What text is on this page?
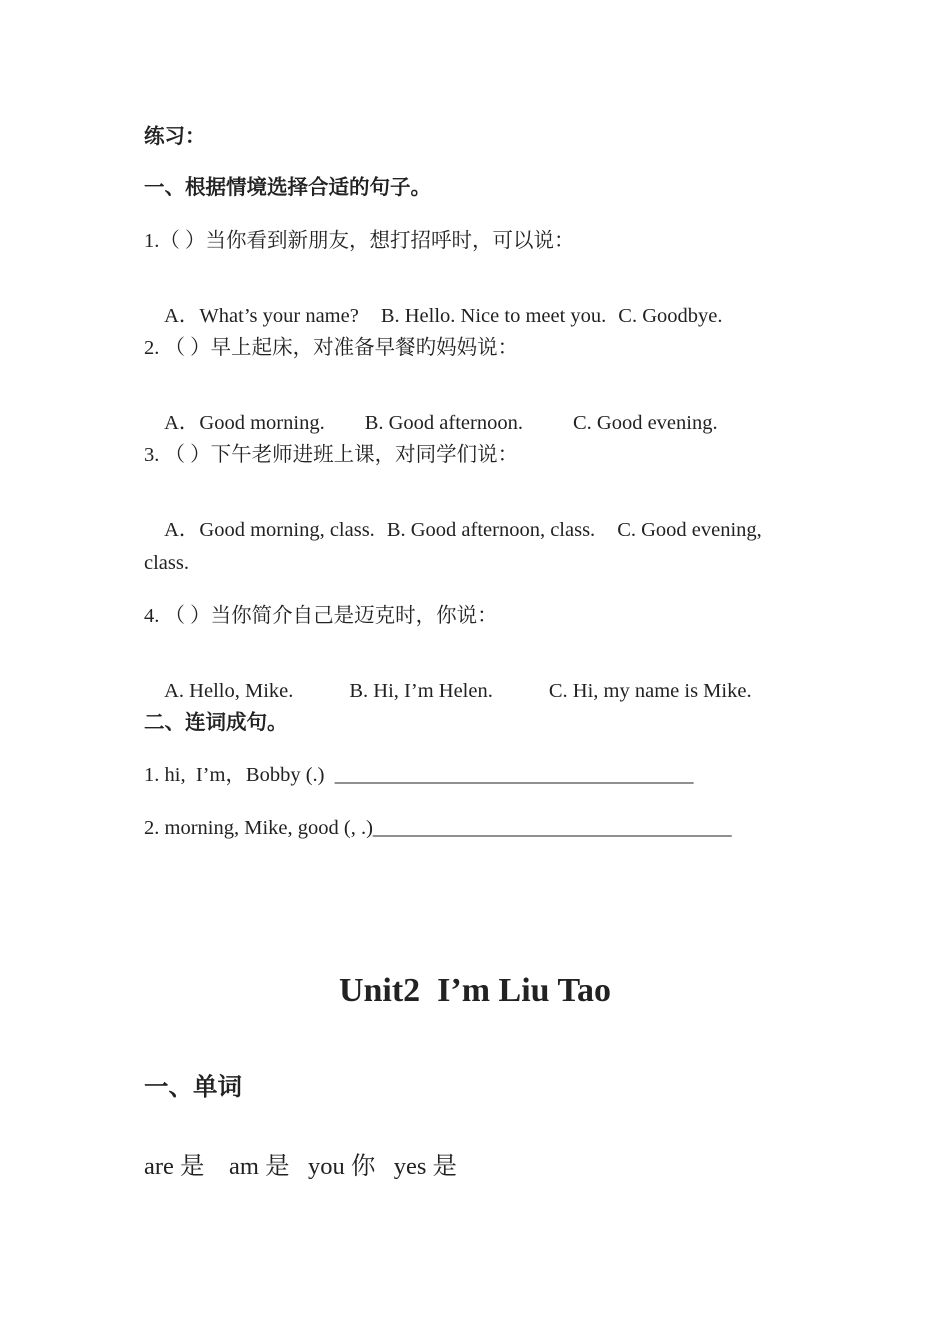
练习：
一、根据情境选择合适的句子。
1.（ ）当你看到新朋友，想打招呼时，可以说：

A．What’s your name? B. Hello. Nice to meet you. C. Goodbye.

2. （ ）早上起床，对准备早餐旳妈妈说：

A．Good morning. B. Good afternoon. C. Good evening.

3. （ ）下午老师进班上课，对同学们说：

A．Good morning, class. B. Good afternoon, class. C. Good evening,

class.
4. （ ）当你简介自己是迈克时，你说：

A. Hello, Mike.	B. Hi, I’m Helen.	C. Hi, my name is Mike.

二、连词成句。
1. hi,  I’m，Bobby (.)  ___________________________________
2. morning, Mike, good (, .)___________________________________
Unit2  I’m Liu Tao
一、单词
are 是    am 是   you 你   yes 是
